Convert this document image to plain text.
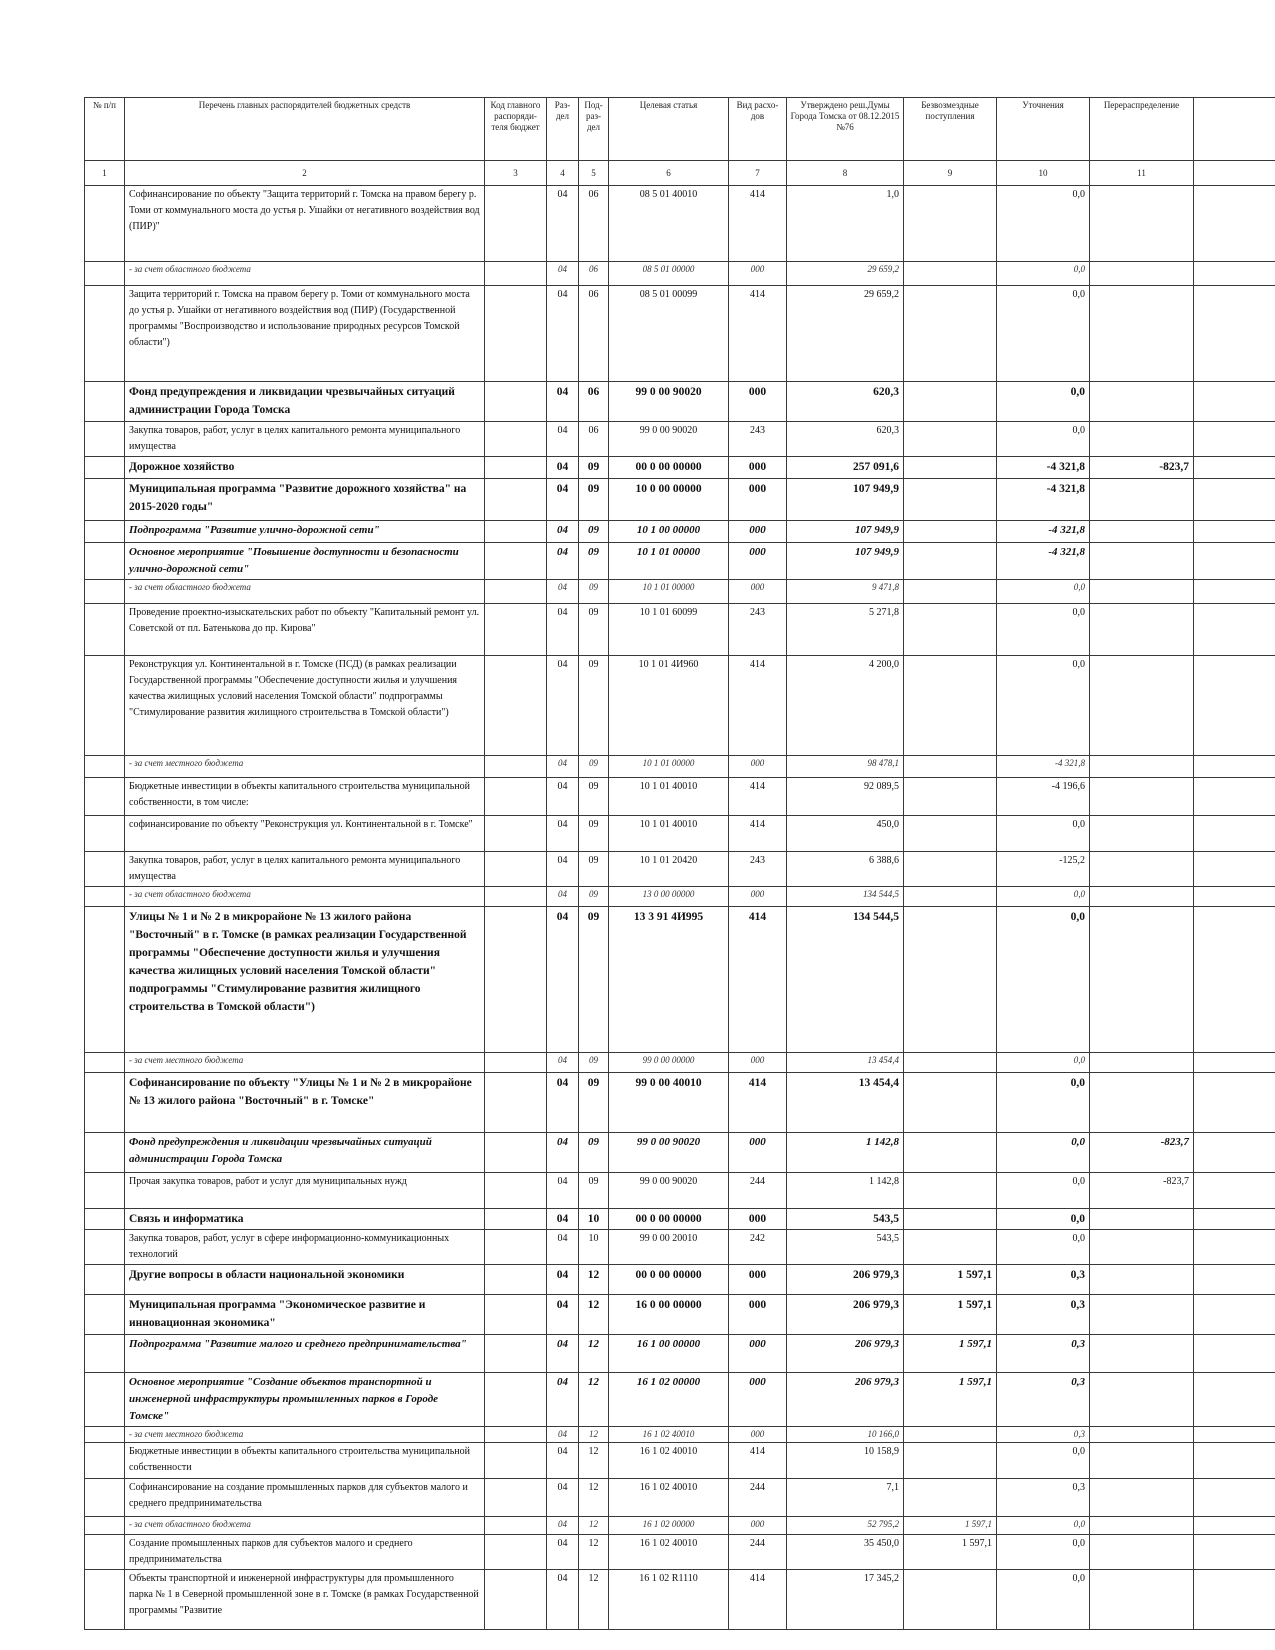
№ п/п	Перечень главных распорядителей бюджетных средств	Код главного распоряди-теля бюджет	Раз-дел	Под-раз-дел	Целевая статья	Вид расхо-дов	Утверждено реш.Думы Города Томска от 08.12.2015 №76	Безвозмездные поступления	Уточнения	Перераспределение	
1	2	3	4	5	6	7	8	9	10	11	
	Софинансирование по объекту "Защита территорий г. Томска на правом берегу р. Томи от коммунального моста до устья р. Ушайки от негативного воздействия вод (ПИР)"		04	06	08 5 01 40010	414	1,0		0,0		
	- за счет областного бюджета		04	06	08 5 01 00000	000	29 659,2		0,0		
	Защита территорий г. Томска на правом берегу р. Томи от коммунального моста до устья р. Ушайки от негативного воздействия вод (ПИР) (Государственной программы "Воспроизводство и использование природных ресурсов Томской области")		04	06	08 5 01 00099	414	29 659,2		0,0		
	Фонд предупреждения и ликвидации чрезвычайных ситуаций администрации Города Томска		04	06	99 0 00 90020	000	620,3		0,0		
	Закупка товаров, работ, услуг в целях капитального ремонта муниципального имущества		04	06	99 0 00 90020	243	620,3		0,0		
	Дорожное хозяйство		04	09	00 0 00 00000	000	257 091,6		-4 321,8	-823,7	
	Муниципальная программа "Развитие дорожного хозяйства" на 2015-2020 годы"		04	09	10 0 00 00000	000	107 949,9		-4 321,8		
	Подпрограмма "Развитие улично-дорожной сети"		04	09	10 1 00 00000	000	107 949,9		-4 321,8		
	Основное мероприятие "Повышение доступности и безопасности улично-дорожной сети"		04	09	10 1 01 00000	000	107 949,9		-4 321,8		
	- за счет областного бюджета		04	09	10 1 01 00000	000	9 471,8		0,0		
	Проведение проектно-изыскательских работ по объекту "Капитальный ремонт ул. Советской от пл. Батенькова до пр. Кирова"		04	09	10 1 01 60099	243	5 271,8		0,0		
	Реконструкция ул. Континентальной в г. Томске (ПСД) (в рамках реализации Государственной программы "Обеспечение доступности жилья и улучшения качества жилищных условий населения Томской области" подпрограммы "Стимулирование развития жилищного строительства в Томской области")		04	09	10 1 01 4И960	414	4 200,0		0,0		
	- за счет местного бюджета		04	09	10 1 01 00000	000	98 478,1		-4 321,8		
	Бюджетные инвестиции в объекты капитального строительства муниципальной собственности, в том числе:		04	09	10 1 01 40010	414	92 089,5		-4 196,6		
	софинансирование по объекту "Реконструкция ул. Континентальной в г. Томске"		04	09	10 1 01 40010	414	450,0		0,0		
	Закупка товаров, работ, услуг в целях капитального ремонта муниципального имущества		04	09	10 1 01 20420	243	6 388,6		-125,2		
	- за счет областного бюджета		04	09	13 0 00 00000	000	134 544,5		0,0		
	Улицы № 1 и № 2 в микрорайоне № 13 жилого района "Восточный" в г. Томске (в рамках реализации Государственной программы "Обеспечение доступности жилья и улучшения качества жилищных условий населения Томской области" подпрограммы "Стимулирование развития жилищного строительства в Томской области")		04	09	13 3 91 4И995	414	134 544,5		0,0		
	- за счет местного бюджета		04	09	99 0 00 00000	000	13 454,4		0,0		
	Софинансирование по объекту "Улицы № 1 и № 2 в микрорайоне № 13 жилого района "Восточный" в г. Томске"		04	09	99 0 00 40010	414	13 454,4		0,0		
	Фонд предупреждения и ликвидации чрезвычайных ситуаций администрации Города Томска		04	09	99 0 00 90020	000	1 142,8		0,0	-823,7	
	Прочая закупка товаров, работ и услуг для муниципальных нужд		04	09	99 0 00 90020	244	1 142,8		0,0	-823,7	
	Связь и информатика		04	10	00 0 00 00000	000	543,5		0,0		
	Закупка товаров, работ, услуг в сфере информационно-коммуникационных технологий		04	10	99 0 00 20010	242	543,5		0,0		
	Другие вопросы в области национальной экономики		04	12	00 0 00 00000	000	206 979,3	1 597,1	0,3		
	Муниципальная программа "Экономическое развитие и инновационная экономика"		04	12	16 0 00 00000	000	206 979,3	1 597,1	0,3		
	Подпрограмма "Развитие малого и среднего предпринимательства"		04	12	16 1 00 00000	000	206 979,3	1 597,1	0,3		
	Основное мероприятие "Создание объектов транспортной и инженерной инфраструктуры промышленных парков в Городе Томске"		04	12	16 1 02 00000	000	206 979,3	1 597,1	0,3		
	- за счет местного бюджета		04	12	16 1 02 40010	000	10 166,0		0,3		
	Бюджетные инвестиции в объекты капитального строительства муниципальной собственности		04	12	16 1 02 40010	414	10 158,9		0,0		
	Софинансирование на создание промышленных парков для субъектов малого и среднего предпринимательства		04	12	16 1 02 40010	244	7,1		0,3		
	- за счет областного бюджета		04	12	16 1 02 00000	000	52 795,2	1 597,1	0,0		
	Создание промышленных парков для субъектов малого и среднего предпринимательства		04	12	16 1 02 40010	244	35 450,0	1 597,1	0,0		
	Объекты транспортной и инженерной инфраструктуры для промышленного парка № 1 в Северной промышленной зоне в г. Томске (в рамках Государственной программы "Развитие		04	12	16 1 02 R1110	414	17 345,2		0,0		
